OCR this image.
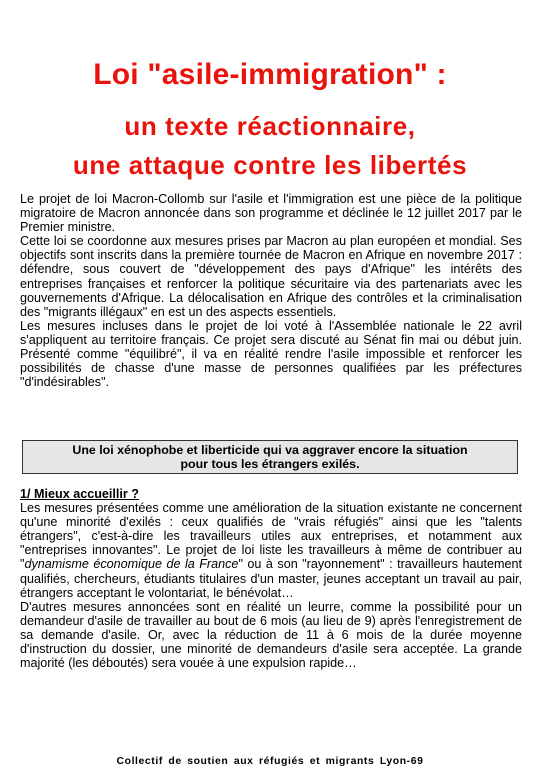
Loi "asile-immigration" :
un texte réactionnaire,
une attaque contre les libertés

Le projet de loi Macron-Collomb sur l'asile et l'immigration est une pièce de la politique migratoire de Macron annoncée dans son programme et déclinée le 12 juillet 2017 par le Premier ministre.

Cette loi se coordonne aux mesures prises par Macron au plan européen et mondial. Ses objectifs sont inscrits dans la première tournée de Macron en Afrique en novembre 2017 : défendre, sous couvert de "développement des pays d'Afrique" les intérêts des entreprises françaises et renforcer la politique sécuritaire via des partenariats avec les gouvernements d'Afrique. La délocalisation en Afrique des contrôles et la criminalisation des "migrants illégaux" en est un des aspects essentiels.

Les mesures incluses dans le projet de loi voté à l'Assemblée nationale le 22 avril s'appliquent au territoire français. Ce projet sera discuté au Sénat fin mai ou début juin. Présenté comme "équilibré", il va en réalité rendre l'asile impossible et renforcer les possibilités de chasse d'une masse de personnes qualifiées par les préfectures "d'indésirables".

Une loi xénophobe et liberticide qui va aggraver encore la situation
pour tous les étrangers exilés.

1/ Mieux accueillir ?

Les mesures présentées comme une amélioration de la situation existante ne concernent qu'une minorité d'exilés : ceux qualifiés de "vrais réfugiés" ainsi que les "talents étrangers", c'est-à-dire les travailleurs utiles aux entreprises, et notamment aux "entreprises innovantes". Le projet de loi liste les travailleurs à même de contribuer au "dynamisme économique de la France" ou à son "rayonnement" : travailleurs hautement qualifiés, chercheurs, étudiants titulaires d'un master, jeunes acceptant un travail au pair, étrangers acceptant le volontariat, le bénévolat…

D'autres mesures annoncées sont en réalité un leurre, comme la possibilité pour un demandeur d'asile de travailler au bout de 6 mois (au lieu de 9) après l'enregistrement de sa demande d'asile. Or, avec la réduction de 11 à 6 mois de la durée moyenne d'instruction du dossier, une minorité de demandeurs d'asile sera acceptée. La grande majorité (les déboutés) sera vouée à une expulsion rapide…

Collectif de soutien aux réfugiés et migrants Lyon-69
